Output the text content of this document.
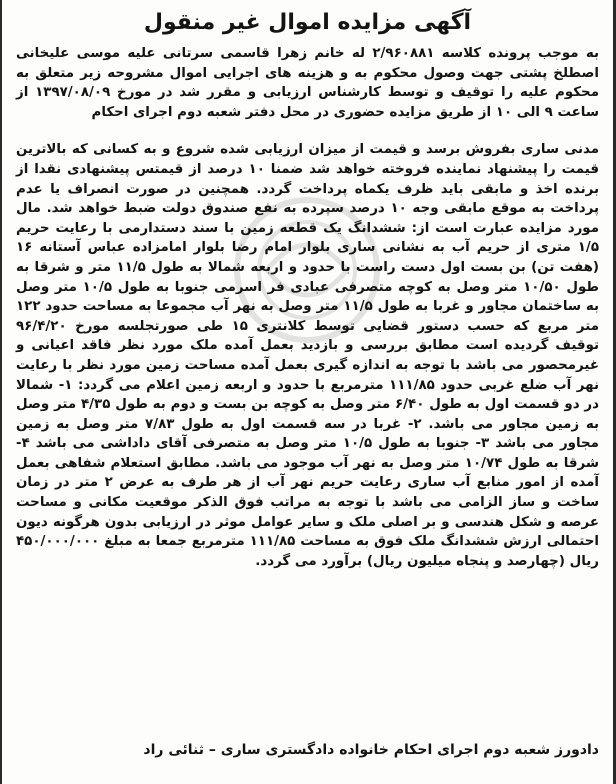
آگهی مزایده اموال غیر منقول

به موجب پرونده کلاسه ۲/۹۶۰۸۸۱ له خانم زهرا قاسمی سرتانی علیه موسی علیخانی اصطلخ پشتی جهت وصول محکوم به و هزینه های اجرایی اموال مشروحه زیر متعلق به محکوم علیه را توقیف و توسط کارشناس ارزیابی و مقرر شد در مورخ ۱۳۹۷/۰۸/۰۹ از ساعت ۹ الی ۱۰ از طریق مزایده حضوری در محل دفتر شعبه دوم اجرای احکام

مدنی ساری بفروش برسد و قیمت از میزان ارزیابی شده شروع و به کسانی که بالاترین قیمت را پیشنهاد نماینده فروخته خواهد شد ضمنا ۱۰ درصد از قیمتس پیشنهادی نقدا از برنده اخذ و مابقی باید ظرف یکماه پرداخت گردد. همچنین در صورت انصراف یا عدم پرداخت به موقع مابقی وجه ۱۰ درصد سپرده به نفع صندوق دولت ضبط خواهد شد. مال مورد مزایده عبارت است از: ششدانگ یک قطعه زمین با سند دستدارمی با رعایت حریم ۱/۵ متری از حریم آب به نشانی ساری بلوار امام رضا بلوار امامزاده عباس آستانه ۱۶ (هفت تن) بن بست اول دست راست با حدود و اربعه شمالا به طول ۱۱/۵ متر و شرقا به طول ۱۰/۵۰ متر وصل به کوچه متصرفی عبادی فر اسرمی جنوبا به طول ۱۰/۵ متر وصل به ساختمان مجاور و غربا به طول ۱۱/۵ متر وصل به نهر آب مجموعا به مساحت حدود ۱۲۲ متر مربع که حسب دستور قضایی توسط کلانتری ۱۵ طی صورتجلسه مورخ ۹۶/۴/۲۰ توقیف گردیده است مطابق بررسی و بازدید بعمل آمده ملک مورد نظر فاقد اعیانی و غیرمحصور می باشد با توجه به اندازه گیری بعمل آمده مساحت زمین مورد نظر با رعایت نهر آب ضلع غربی حدود ۱۱۱/۸۵ مترمربع با حدود و اربعه زمین اعلام می گردد: ۱- شمالا در دو قسمت اول به طول ۶/۴۰ متر وصل به کوچه بن بست و دوم به طول ۴/۳۵ متر وصل به زمین مجاور می باشد. ۲- غربا در سه قسمت اول به طول ۷/۸۳ متر وصل به زمین مجاور می باشد ۳- جنوبا به طول ۱۰/۵ متر وصل به متصرفی آقای داداشی می باشد ۴- شرقا به طول ۱۰/۷۴ متر وصل به نهر آب موجود می باشد. مطابق استعلام شفاهی بعمل آمده از امور منابع آب ساری رعایت حریم نهر آب از هر طرف به عرض ۲ متر در زمان ساخت و ساز الزامی می باشد با توجه به مراتب فوق الذکر موقعیت مکانی و مساحت عرصه و شکل هندسی و بر اصلی ملک و سایر عوامل موثر در ارزیابی بدون هرگونه دیون احتمالی ارزش ششدانگ ملک فوق به مساحت ۱۱۱/۸۵ مترمربع جمعا به مبلغ ۴۵۰/۰۰۰/۰۰۰ ریال (چهارصد و پنجاه میلیون ریال) برآورد می گردد.

دادورز شعبه دوم اجرای احکام خانواده دادگستری ساری – ثنائی راد
